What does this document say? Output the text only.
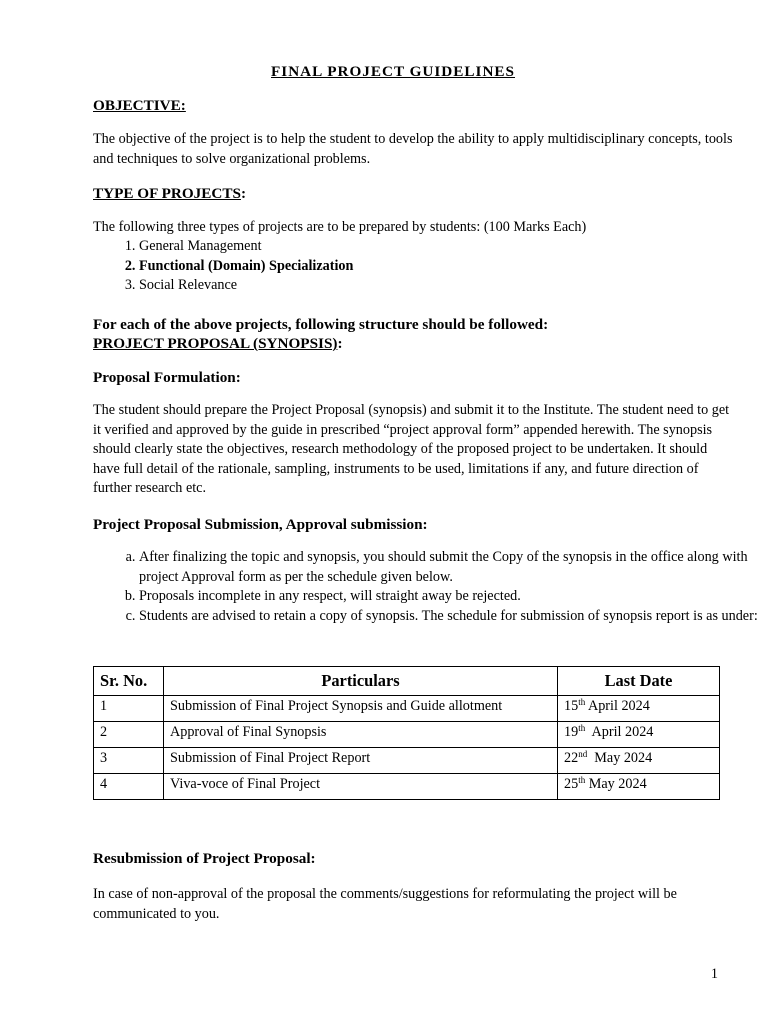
FINAL PROJECT GUIDELINES
OBJECTIVE:

The objective of the project is to help the student to develop the ability to apply multidisciplinary concepts, tools and techniques to solve organizational problems.

TYPE OF PROJECTS:

The following three types of projects are to be prepared by students: (100 Marks Each)

1. General Management
2. Functional (Domain) Specialization
3. Social Relevance
For each of the above projects, following structure should be followed:
PROJECT PROPOSAL (SYNOPSIS):
Proposal Formulation:

The student should prepare the Project Proposal (synopsis) and submit it to the Institute. The student need to get it verified and approved by the guide in prescribed “project approval form” appended herewith. The synopsis should clearly state the objectives, research methodology of the proposed project to be undertaken. It should have full detail of the rationale, sampling, instruments to be used, limitations if any, and future direction of further research etc.

Project Proposal Submission, Approval submission:
a. After finalizing the topic and synopsis, you should submit the Copy of the synopsis in the office along with project Approval form as per the schedule given below.
b. Proposals incomplete in any respect, will straight away be rejected.
c. Students are advised to retain a copy of synopsis. The schedule for submission of synopsis report is as under:
Sr. No.	Particulars	Last Date
1	Submission of Final Project Synopsis and Guide allotment	15th April 2024
2	Approval of Final Synopsis	19th  April 2024
3	Submission of Final Project Report	22nd  May 2024
4	Viva-voce of Final Project	25th May 2024
Resubmission of Project Proposal:

In case of non-approval of the proposal the comments/suggestions for reformulating the project will be communicated to you.

1
